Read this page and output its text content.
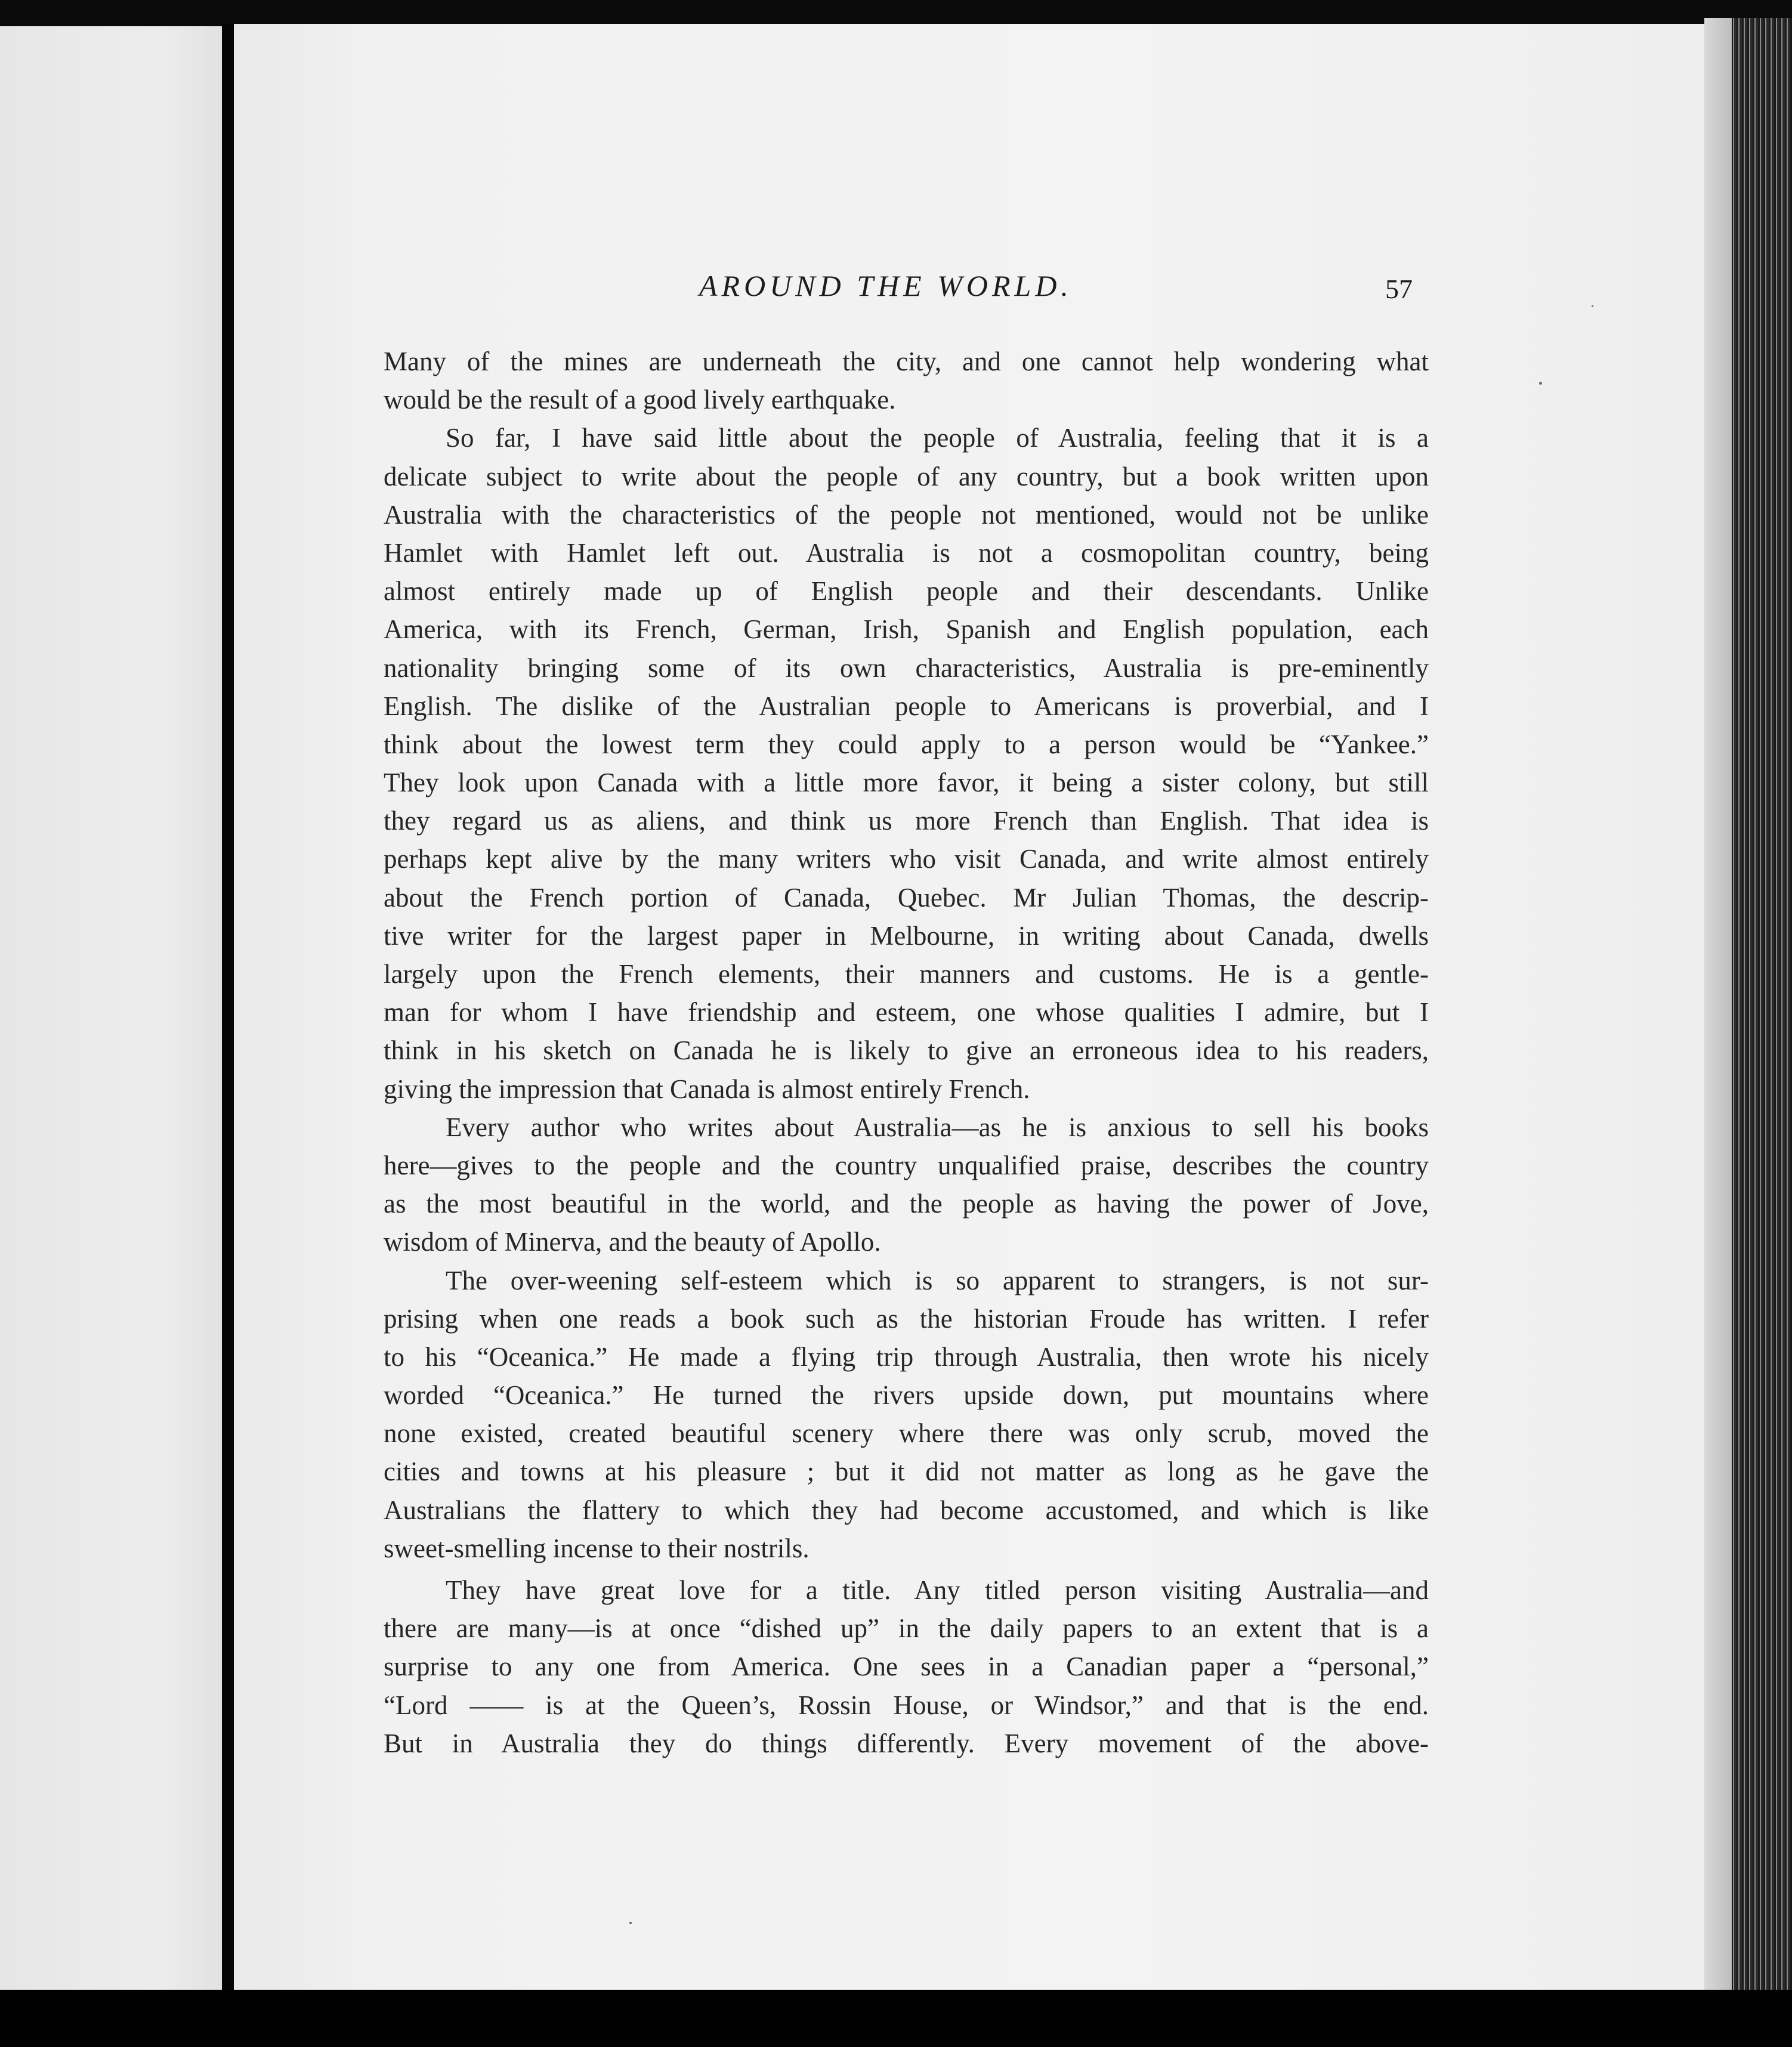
AROUND THE WORLD.	57
Many of the mines are underneath the city, and one cannot help wondering what
would be the result of a good lively earthquake.
So far, I have said little about the people of Australia, feeling that it is a
delicate subject to write about the people of any country, but a book written upon
Australia with the characteristics of the people not mentioned, would not be unlike
Hamlet with Hamlet left out. Australia is not a cosmopolitan country, being
almost entirely made up of English people and their descendants. Unlike
America, with its French, German, Irish, Spanish and English population, each
nationality bringing some of its own characteristics, Australia is pre-eminently
English. The dislike of the Australian people to Americans is proverbial, and I
think about the lowest term they could apply to a person would be “Yankee.”
They look upon Canada with a little more favor, it being a sister colony, but still
they regard us as aliens, and think us more French than English. That idea is
perhaps kept alive by the many writers who visit Canada, and write almost entirely
about the French portion of Canada, Quebec. Mr Julian Thomas, the descrip-
tive writer for the largest paper in Melbourne, in writing about Canada, dwells
largely upon the French elements, their manners and customs. He is a gentle-
man for whom I have friendship and esteem, one whose qualities I admire, but I
think in his sketch on Canada he is likely to give an erroneous idea to his readers,
giving the impression that Canada is almost entirely French.
Every author who writes about Australia—as he is anxious to sell his books
here—gives to the people and the country unqualified praise, describes the country
as the most beautiful in the world, and the people as having the power of Jove,
wisdom of Minerva, and the beauty of Apollo.
The over-weening self-esteem which is so apparent to strangers, is not sur-
prising when one reads a book such as the historian Froude has written. I refer
to his “Oceanica.” He made a flying trip through Australia, then wrote his nicely
worded “Oceanica.” He turned the rivers upside down, put mountains where
none existed, created beautiful scenery where there was only scrub, moved the
cities and towns at his pleasure ; but it did not matter as long as he gave the
Australians the flattery to which they had become accustomed, and which is like
sweet-smelling incense to their nostrils.
They have great love for a title. Any titled person visiting Australia—and
there are many—is at once “dished up” in the daily papers to an extent that is a
surprise to any one from America. One sees in a Canadian paper a “personal,”
“Lord —— is at the Queen’s, Rossin House, or Windsor,” and that is the end.
But in Australia they do things differently. Every movement of the above-
